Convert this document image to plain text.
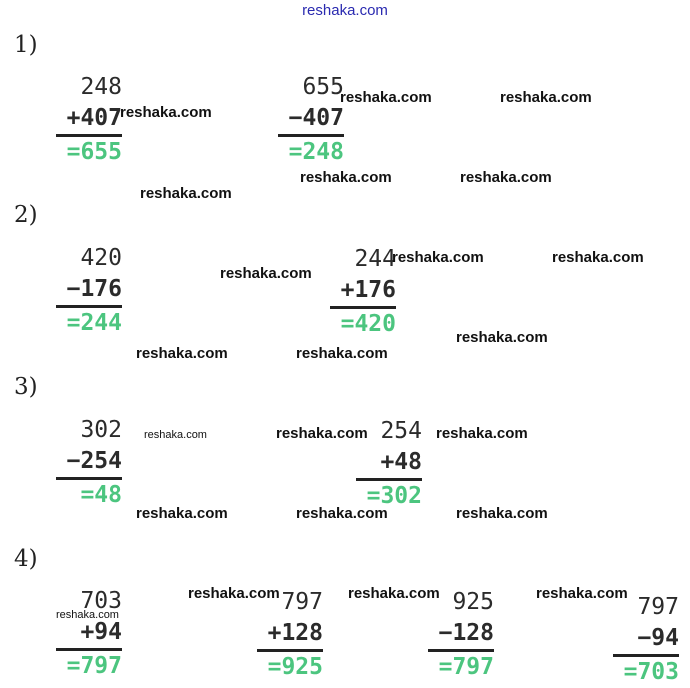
reshaka.com
1)
2)
3)
4)
248
+407
=655
655
−407
=248
420
−176
=244
244
+176
=420
302
−254
=48
254
+48
=302
703
+94
=797
797
+128
=925
925
−128
=797
797
−94
=703
reshaka.com
reshaka.com	reshaka.com
reshaka.com	reshaka.com
reshaka.com
reshaka.com
reshaka.com	reshaka.com
reshaka.com
reshaka.com	reshaka.com
reshaka.com	reshaka.com	reshaka.com
reshaka.com	reshaka.com	reshaka.com
reshaka.com	reshaka.com	reshaka.com
reshaka.com
